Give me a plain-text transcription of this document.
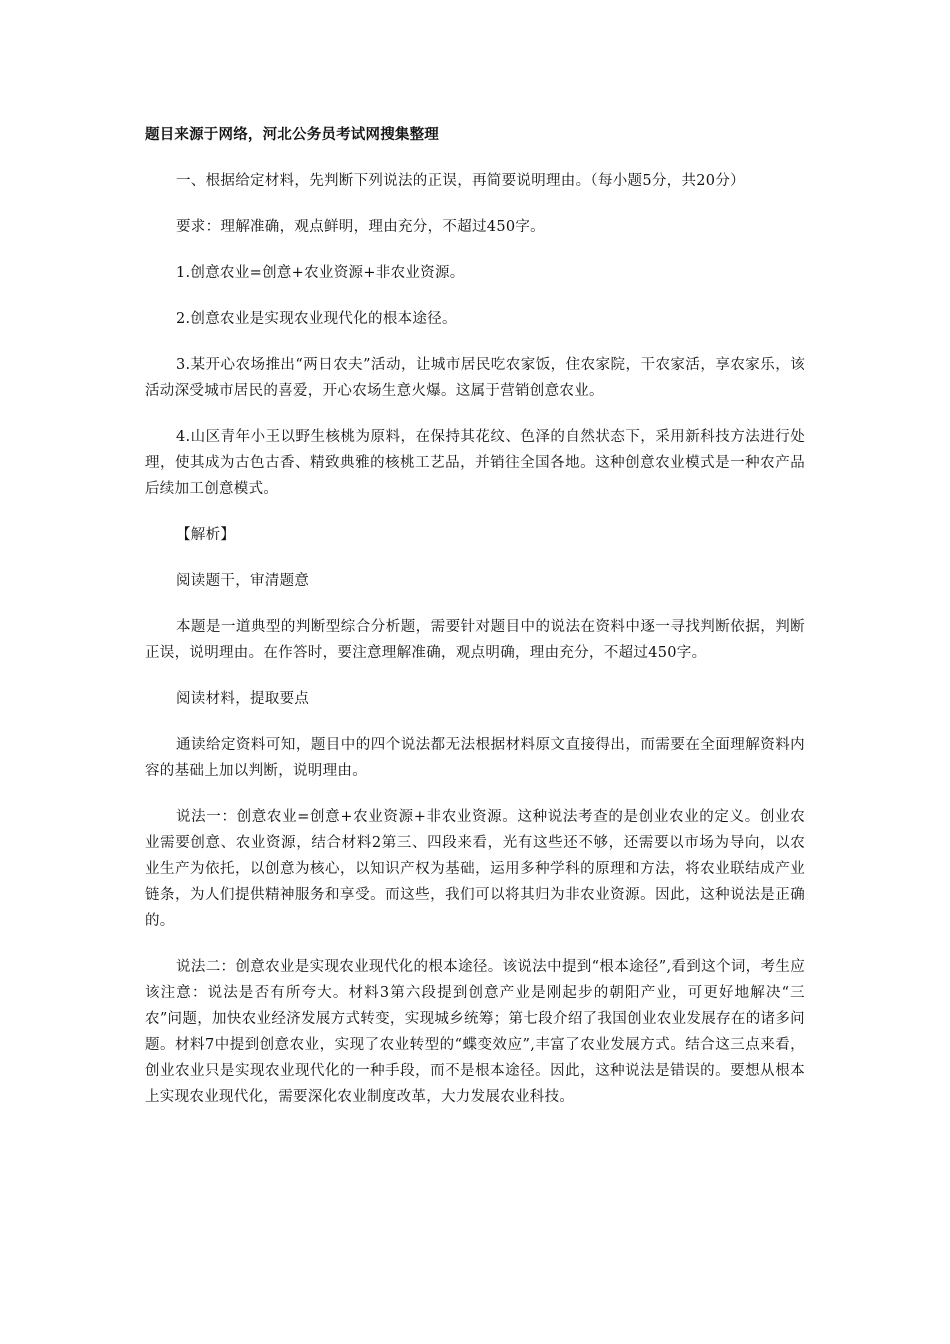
题目来源于网络，河北公务员考试网搜集整理

一、根据给定材料，先判断下列说法的正误，再简要说明理由。（每小题5分，共20分）

要求：理解准确，观点鲜明，理由充分，不超过450字。

1.创意农业=创意+农业资源+非农业资源。

2.创意农业是实现农业现代化的根本途径。

3.某开心农场推出“两日农夫”活动，让城市居民吃农家饭，住农家院，干农家活，享农家乐，该活动深受城市居民的喜爱，开心农场生意火爆。这属于营销创意农业。

4.山区青年小王以野生核桃为原料，在保持其花纹、色泽的自然状态下，采用新科技方法进行处理，使其成为古色古香、精致典雅的核桃工艺品，并销往全国各地。这种创意农业模式是一种农产品后续加工创意模式。

【解析】

阅读题干，审清题意

本题是一道典型的判断型综合分析题，需要针对题目中的说法在资料中逐一寻找判断依据，判断正误，说明理由。在作答时，要注意理解准确，观点明确，理由充分，不超过450字。

阅读材料，提取要点

通读给定资料可知，题目中的四个说法都无法根据材料原文直接得出，而需要在全面理解资料内容的基础上加以判断，说明理由。

说法一：创意农业=创意+农业资源+非农业资源。这种说法考查的是创业农业的定义。创业农业需要创意、农业资源，结合材料2第三、四段来看，光有这些还不够，还需要以市场为导向，以农业生产为依托，以创意为核心，以知识产权为基础，运用多种学科的原理和方法，将农业联结成产业链条，为人们提供精神服务和享受。而这些，我们可以将其归为非农业资源。因此，这种说法是正确的。

说法二：创意农业是实现农业现代化的根本途径。该说法中提到“根本途径”,看到这个词，考生应该注意：说法是否有所夸大。材料3第六段提到创意产业是刚起步的朝阳产业，可更好地解决“三农”问题，加快农业经济发展方式转变，实现城乡统筹；第七段介绍了我国创业农业发展存在的诸多问题。材料7中提到创意农业，实现了农业转型的“蝶变效应”,丰富了农业发展方式。结合这三点来看，创业农业只是实现农业现代化的一种手段，而不是根本途径。因此，这种说法是错误的。要想从根本上实现农业现代化，需要深化农业制度改革，大力发展农业科技。
